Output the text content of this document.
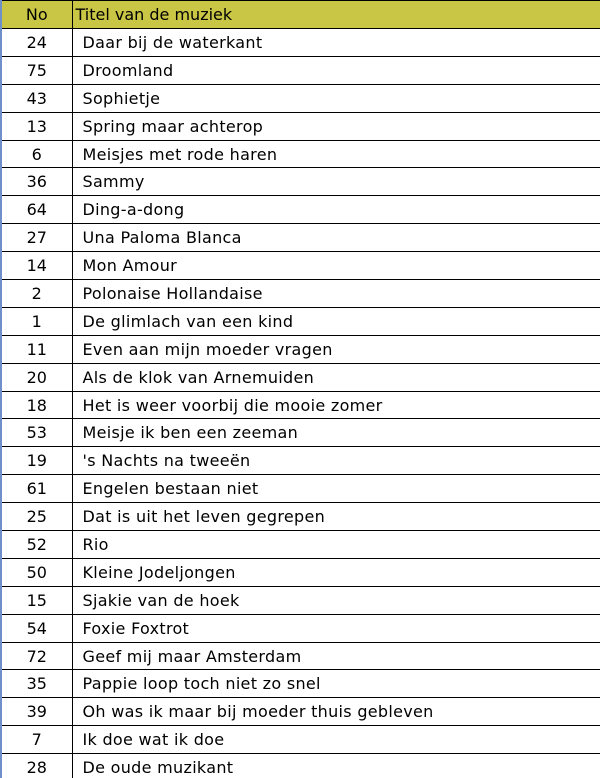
No	Titel van de muziek
24	Daar bij de waterkant
75	Droomland
43	Sophietje
13	Spring maar achterop
6	Meisjes met rode haren
36	Sammy
64	Ding-a-dong
27	Una Paloma Blanca
14	Mon Amour
2	Polonaise Hollandaise
1	De glimlach van een kind
11	Even aan mijn moeder vragen
20	Als de klok van Arnemuiden
18	Het is weer voorbij die mooie zomer
53	Meisje ik ben een zeeman
19	's Nachts na tweeën
61	Engelen bestaan niet
25	Dat is uit het leven gegrepen
52	Rio
50	Kleine Jodeljongen
15	Sjakie van de hoek
54	Foxie Foxtrot
72	Geef mij maar Amsterdam
35	Pappie loop toch niet zo snel
39	Oh was ik maar bij moeder thuis gebleven
7	Ik doe wat ik doe
28	De oude muzikant
